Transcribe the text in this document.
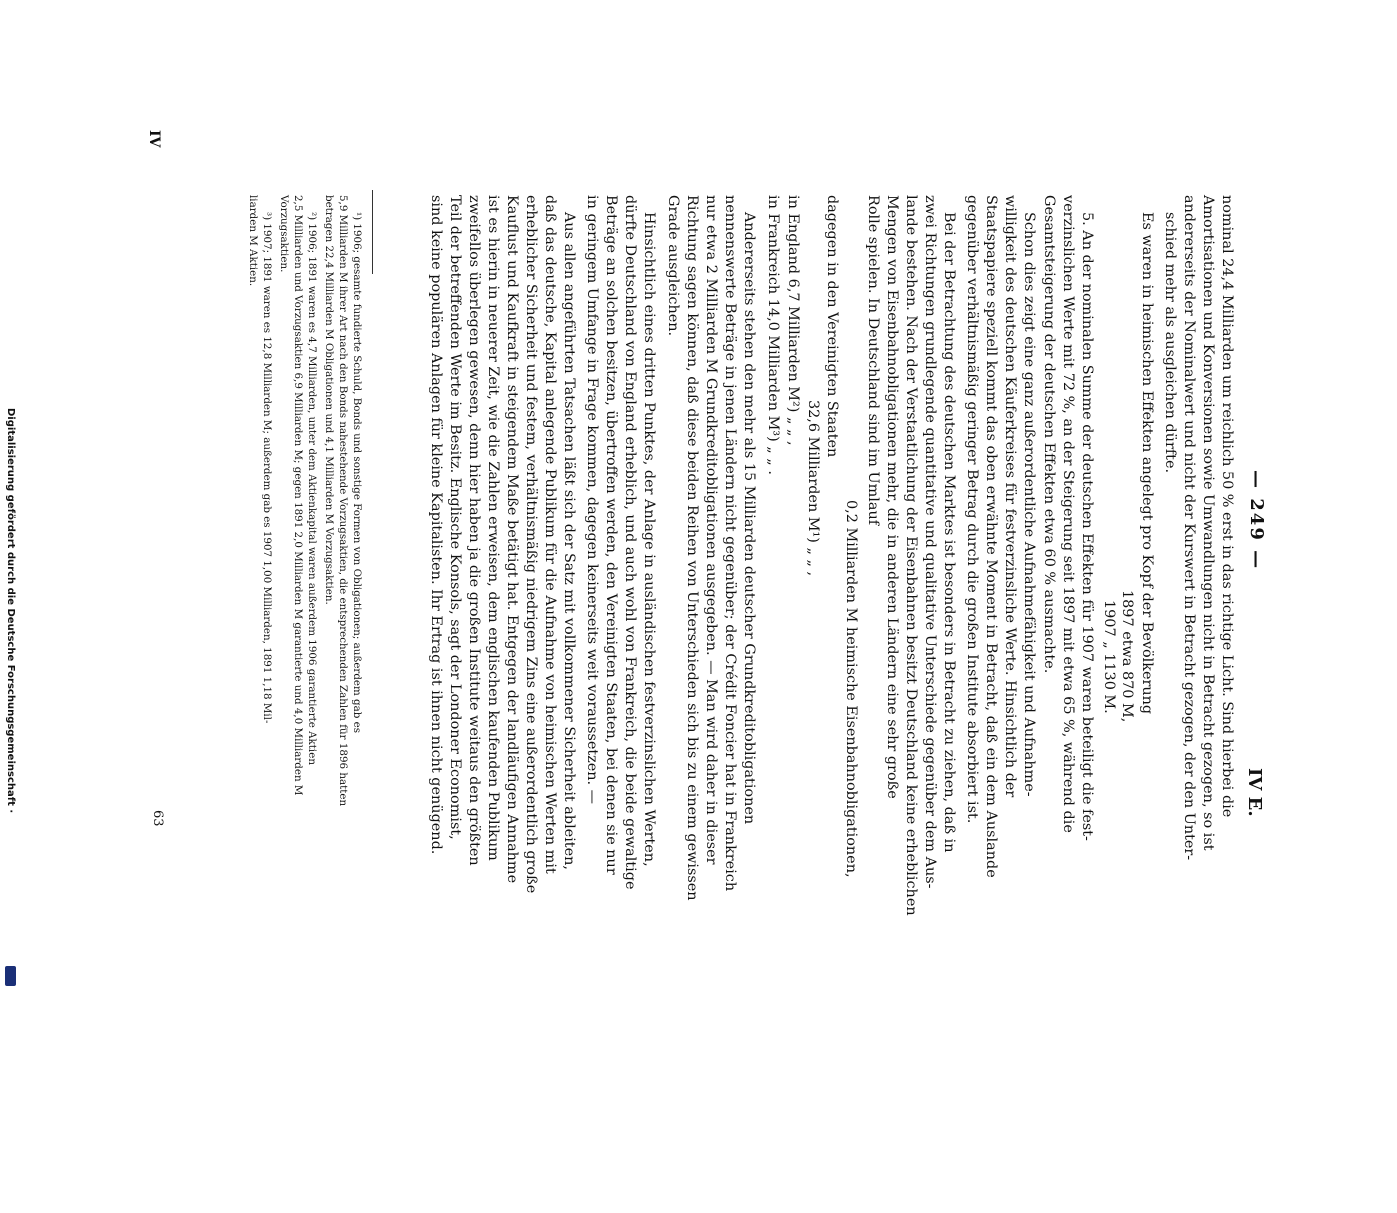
— 249 —
IV E.
nominal 24,4 Milliarden um reichlich 50 % erst in das richtige Licht. Sind hierbei die
Amortisationen und Konversionen sowie Umwandlungen nicht in Betracht gezogen, so ist
andererseits der Nominalwert und nicht der Kurswert in Betracht gezogen, der den Unter-
schied mehr als ausgleichen dürfte.
Es waren in heimischen Effekten angelegt pro Kopf der Bevölkerung
1897 etwa 870 M,
1907 „ 1130 M.
5. An der nominalen Summe der deutschen Effekten für 1907 waren beteiligt die fest-
verzinslichen Werte mit 72 %, an der Steigerung seit 1897 mit etwa 65 %, während die
Gesamtsteigerung der deutschen Effekten etwa 60 % ausmachte.
Schon dies zeigt eine ganz außerordentliche Aufnahmefähigkeit und Aufnahme-
willigkeit des deutschen Käuferkreises für festverzinsliche Werte. Hinsichtlich der
Staatspapiere speziell kommt das oben erwähnte Moment in Betracht, daß ein dem Auslande
gegenüber verhältnismäßig geringer Betrag durch die großen Institute absorbiert ist.
Bei der Betrachtung des deutschen Marktes ist besonders in Betracht zu ziehen, daß in
zwei Richtungen grundlegende quantitative und qualitative Unterschiede gegenüber dem Aus-
lande bestehen. Nach der Verstaatlichung der Eisenbahnen besitzt Deutschland keine erheblichen
Mengen von Eisenbahnobligationen mehr, die in anderen Ländern eine sehr große
Rolle spielen. In Deutschland sind im Umlauf
0,2 Milliarden M heimische Eisenbahnobligationen,
dagegen in den Vereinigten Staaten
32,6 Milliarden M¹) „ „ ,
in England 6,7 Milliarden M²) „ „ ,
in Frankreich 14,0 Milliarden M³) „ „ .
Andererseits stehen den mehr als 15 Milliarden deutscher Grundkreditobligationen
nennenswerte Beträge in jenen Ländern nicht gegenüber; der Crédit Foncier hat in Frankreich
nur etwa 2 Milliarden M Grundkreditobligationen ausgegeben. — Man wird daher in dieser
Richtung sagen können, daß diese beiden Reihen von Unterschieden sich bis zu einem gewissen
Grade ausgleichen.
Hinsichtlich eines dritten Punktes, der Anlage in ausländischen festverzinslichen Werten,
dürfte Deutschland von England erheblich, und auch wohl von Frankreich, die beide gewaltige
Beträge an solchen besitzen, übertroffen werden, den Vereinigten Staaten, bei denen sie nur
in geringem Umfange in Frage kommen, dagegen keinerseits weit voraussetzen. —
Aus allen angeführten Tatsachen läßt sich der Satz mit vollkommener Sicherheit ableiten,
daß das deutsche, Kapital anlegende Publikum für die Aufnahme von heimischen Werten mit
erheblicher Sicherheit und festem, verhältnismäßig niedrigem Zins eine außerordentlich große
Kauflust und Kaufkraft in steigendem Maße betätigt hat. Entgegen der landläufigen Annahme
ist es hierin in neuerer Zeit, wie die Zahlen erweisen, dem englischen kaufenden Publikum
zweifellos überlegen gewesen, denn hier haben ja die großen Institute weitaus den größten
Teil der betreffenden Werte im Besitz. Englische Konsols, sagt der Londoner Economist,
sind keine populären Anlagen für kleine Kapitalisten. Ihr Ertrag ist ihnen nicht genügend.
¹) 1906; gesamte fundierte Schuld, Bonds und sonstige Formen von Obligationen; außerdem gab es
5,9 Milliarden M ihrer Art nach den Bonds nahestehende Vorzugsaktien, die entsprechenden Zahlen für 1896 hatten
betragen 22,4 Milliarden M Obligationen und 4,1 Milliarden M Vorzugsaktien.
²) 1906; 1891 waren es 4,7 Milliarden, unter dem Aktienkapital waren außerdem 1906 garantierte Aktien
2,5 Milliarden und Vorzugsaktien 6,9 Milliarden M; gegen 1891 2,0 Milliarden M garantierte und 4,0 Milliarden M
Vorzugsaktien.
³) 1907; 1891 waren es 12,8 Milliarden M; außerdem gab es 1907 1,00 Milliarden, 1891 1,18 Mil-
liarden M Aktien.
IV
63
Digitalisierung gefördert durch die Deutsche Forschungsgemeinschaft ·
